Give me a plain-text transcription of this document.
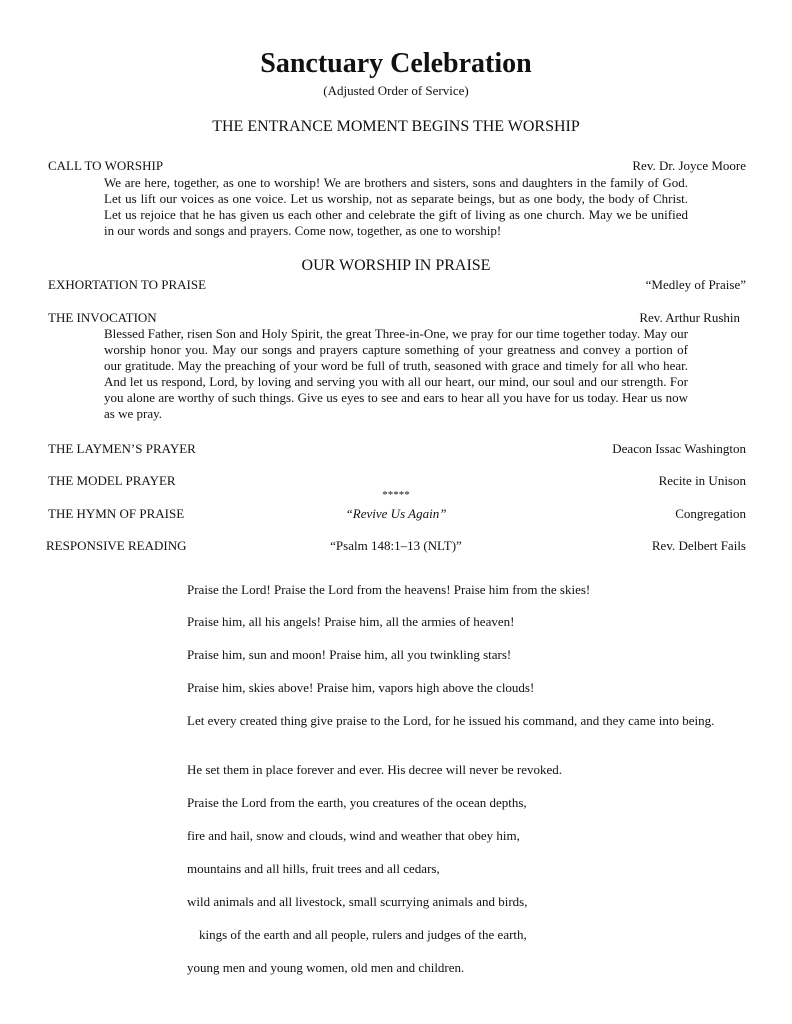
Sanctuary Celebration
(Adjusted Order of Service)
THE ENTRANCE MOMENT BEGINS THE WORSHIP
CALL TO WORSHIP	Rev. Dr. Joyce Moore
We are here, together, as one to worship! We are brothers and sisters, sons and daughters in the family of God. Let us lift our voices as one voice. Let us worship, not as separate beings, but as one body, the body of Christ. Let us rejoice that he has given us each other and celebrate the gift of living as one church. May we be unified in our words and songs and prayers. Come now, together, as one to worship!
OUR WORSHIP IN PRAISE
EXHORTATION TO PRAISE	“Medley of Praise”
THE INVOCATION	Rev. Arthur Rushin
Blessed Father, risen Son and Holy Spirit, the great Three-in-One, we pray for our time together today. May our worship honor you. May our songs and prayers capture something of your greatness and convey a portion of our gratitude. May the preaching of your word be full of truth, seasoned with grace and timely for all who hear. And let us respond, Lord, by loving and serving you with all our heart, our mind, our soul and our strength. For you alone are worthy of such things. Give us eyes to see and ears to hear all you have for us today. Hear us now as we pray.
THE LAYMEN’S PRAYER	Deacon Issac Washington
THE MODEL PRAYER	Recite in Unison
*****
THE HYMN OF PRAISE	“Revive Us Again”	Congregation
RESPONSIVE READING	“Psalm 148:1–13 (NLT)”	Rev. Delbert Fails
Praise the Lord! Praise the Lord from the heavens! Praise him from the skies!
Praise him, all his angels! Praise him, all the armies of heaven!
Praise him, sun and moon! Praise him, all you twinkling stars!
Praise him, skies above! Praise him, vapors high above the clouds!
Let every created thing give praise to the Lord, for he issued his command, and they came into being.
He set them in place forever and ever. His decree will never be revoked.
Praise the Lord from the earth, you creatures of the ocean depths,
fire and hail, snow and clouds, wind and weather that obey him,
mountains and all hills, fruit trees and all cedars,
wild animals and all livestock, small scurrying animals and birds,
kings of the earth and all people, rulers and judges of the earth,
young men and young women, old men and children.
